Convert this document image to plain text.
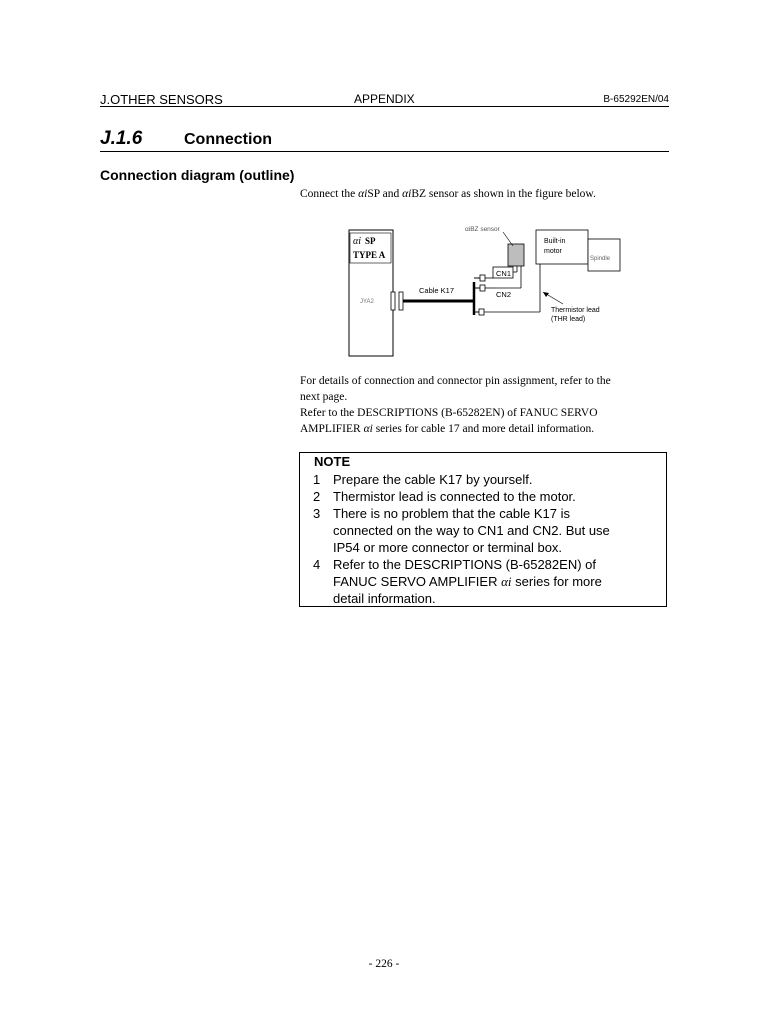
J.OTHER SENSORS	APPENDIX	B-65292EN/04
J.1.6	Connection
Connection diagram (outline)
Connect the αiSP and αiBZ sensor as shown in the figure below.
αi SP
TYPE A
JYA2
Cable K17
CN1
CN2
αiBZ sensor
Built-in
motor
Spindle
Thermistor lead
(THR lead)
For details of connection and connector pin assignment, refer to the
next page.
Refer to the DESCRIPTIONS (B-65282EN) of FANUC SERVO
AMPLIFIER αi series for cable 17 and more detail information.
NOTE
1 Prepare the cable K17 by yourself.
2 Thermistor lead is connected to the motor.
3 There is no problem that the cable K17 is
connected on the way to CN1 and CN2. But use
IP54 or more connector or terminal box.
4 Refer to the DESCRIPTIONS (B-65282EN) of
FANUC SERVO AMPLIFIER αi series for more
detail information.
- 226 -
